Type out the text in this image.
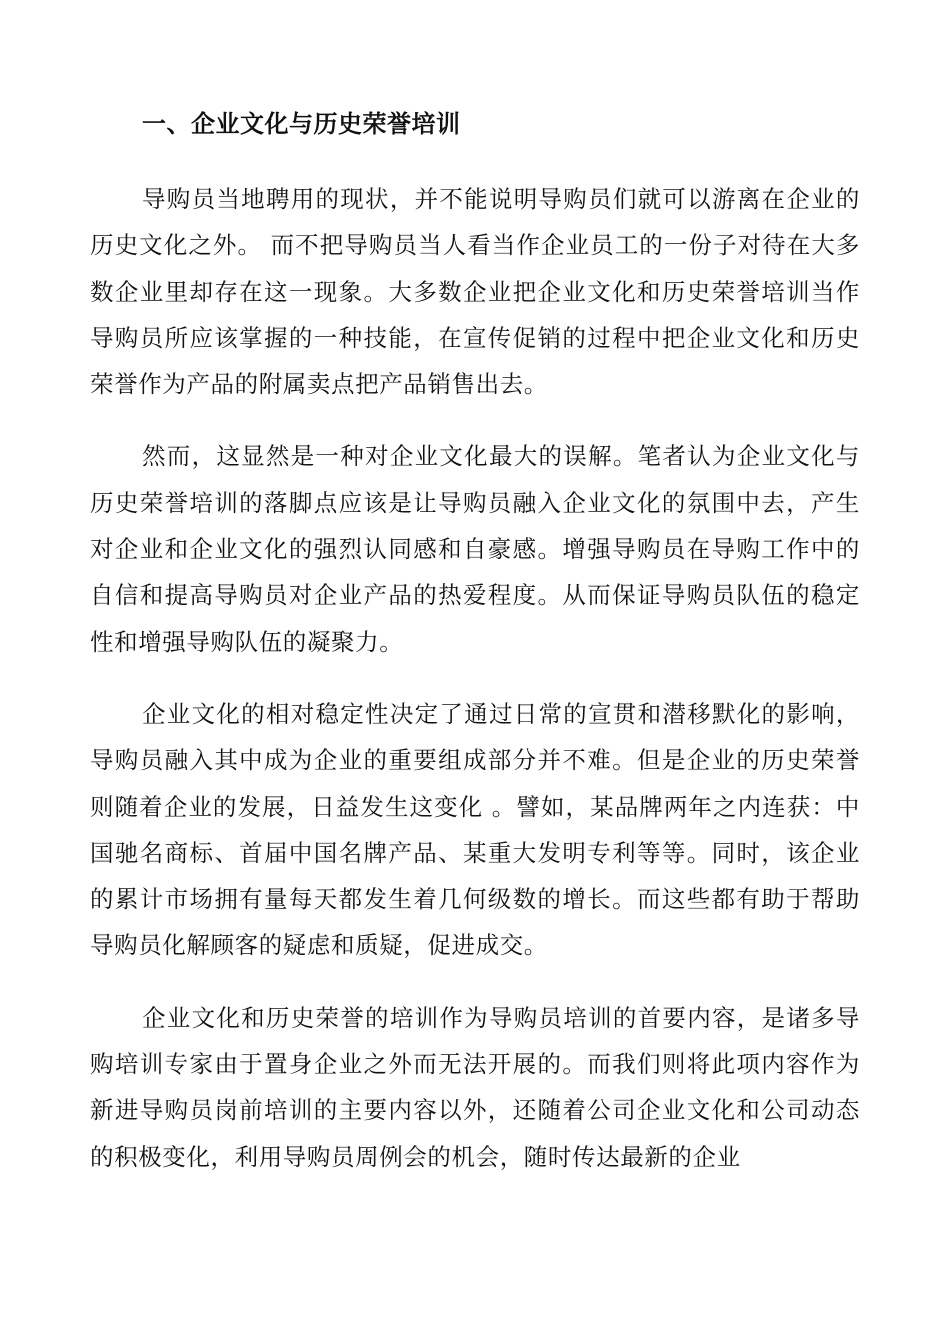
一、企业文化与历史荣誉培训

导购员当地聘用的现状，并不能说明导购员们就可以游离在企业的历史文化之外。 而不把导购员当人看当作企业员工的一份子对待在大多数企业里却存在这一现象。大多数企业把企业文化和历史荣誉培训当作导购员所应该掌握的一种技能，在宣传促销的过程中把企业文化和历史荣誉作为产品的附属卖点把产品销售出去。

然而，这显然是一种对企业文化最大的误解。笔者认为企业文化与历史荣誉培训的落脚点应该是让导购员融入企业文化的氛围中去，产生对企业和企业文化的强烈认同感和自豪感。增强导购员在导购工作中的自信和提高导购员对企业产品的热爱程度。从而保证导购员队伍的稳定性和增强导购队伍的凝聚力。

企业文化的相对稳定性决定了通过日常的宣贯和潜移默化的影响，导购员融入其中成为企业的重要组成部分并不难。但是企业的历史荣誉则随着企业的发展，日益发生这变化 。譬如，某品牌两年之内连获：中国驰名商标、首届中国名牌产品、某重大发明专利等等。同时，该企业的累计市场拥有量每天都发生着几何级数的增长。而这些都有助于帮助导购员化解顾客的疑虑和质疑，促进成交。

企业文化和历史荣誉的培训作为导购员培训的首要内容，是诸多导购培训专家由于置身企业之外而无法开展的。而我们则将此项内容作为新进导购员岗前培训的主要内容以外，还随着公司企业文化和公司动态的积极变化，利用导购员周例会的机会，随时传达最新的企业
